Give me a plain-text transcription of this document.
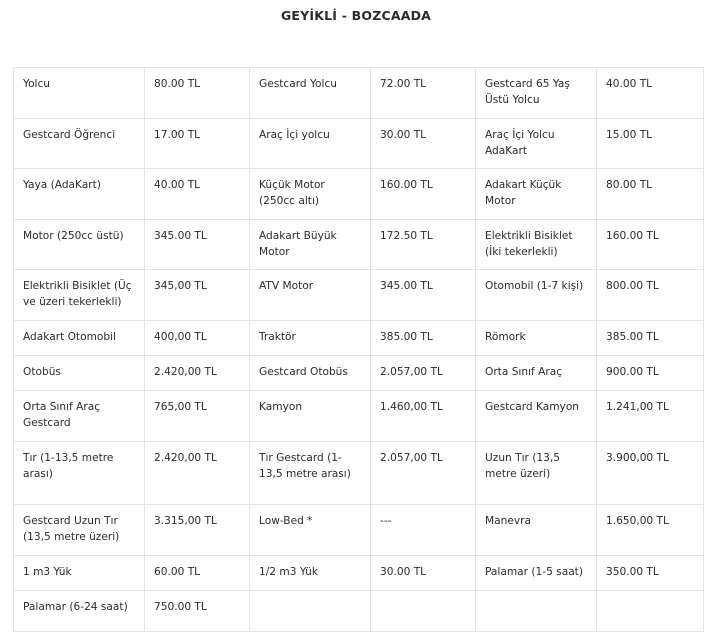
GEYİKLİ - BOZCAADA
Yolcu	80.00 TL	Gestcard Yolcu	72.00 TL	Gestcard 65 Yaş Üstü Yolcu	40.00 TL
Gestcard Öğrenci	17.00 TL	Araç İçi yolcu	30.00 TL	Araç İçi Yolcu AdaKart	15.00 TL
Yaya (AdaKart)	40.00 TL	Küçük Motor (250cc altı)	160.00 TL	Adakart Küçük Motor	80.00 TL
Motor (250cc üstü)	345.00 TL	Adakart Büyük Motor	172.50 TL	Elektrikli Bisiklet (İki tekerlekli)	160.00 TL
Elektrikli Bisiklet (Üç ve üzeri tekerlekli)	345,00 TL	ATV Motor	345.00 TL	Otomobil (1-7 kişi)	800.00 TL
Adakart Otomobil	400,00 TL	Traktör	385.00 TL	Römork	385.00 TL
Otobüs	2.420,00 TL	Gestcard Otobüs	2.057,00 TL	Orta Sınıf Araç	900.00 TL
Orta Sınıf Araç Gestcard	765,00 TL	Kamyon	1.460,00 TL	Gestcard Kamyon	1.241,00 TL
Tır (1-13,5 metre arası)	2.420,00 TL	Tır Gestcard (1-13,5 metre arası)	2.057,00 TL	Uzun Tır (13,5 metre üzeri)	3.900,00 TL
Gestcard Uzun Tır (13,5 metre üzeri)	3.315,00 TL	Low-Bed *	---	Manevra	1.650,00 TL
1 m3 Yük	60.00 TL	1/2 m3 Yük	30.00 TL	Palamar (1-5 saat)	350.00 TL
Palamar (6-24 saat)	750.00 TL				
